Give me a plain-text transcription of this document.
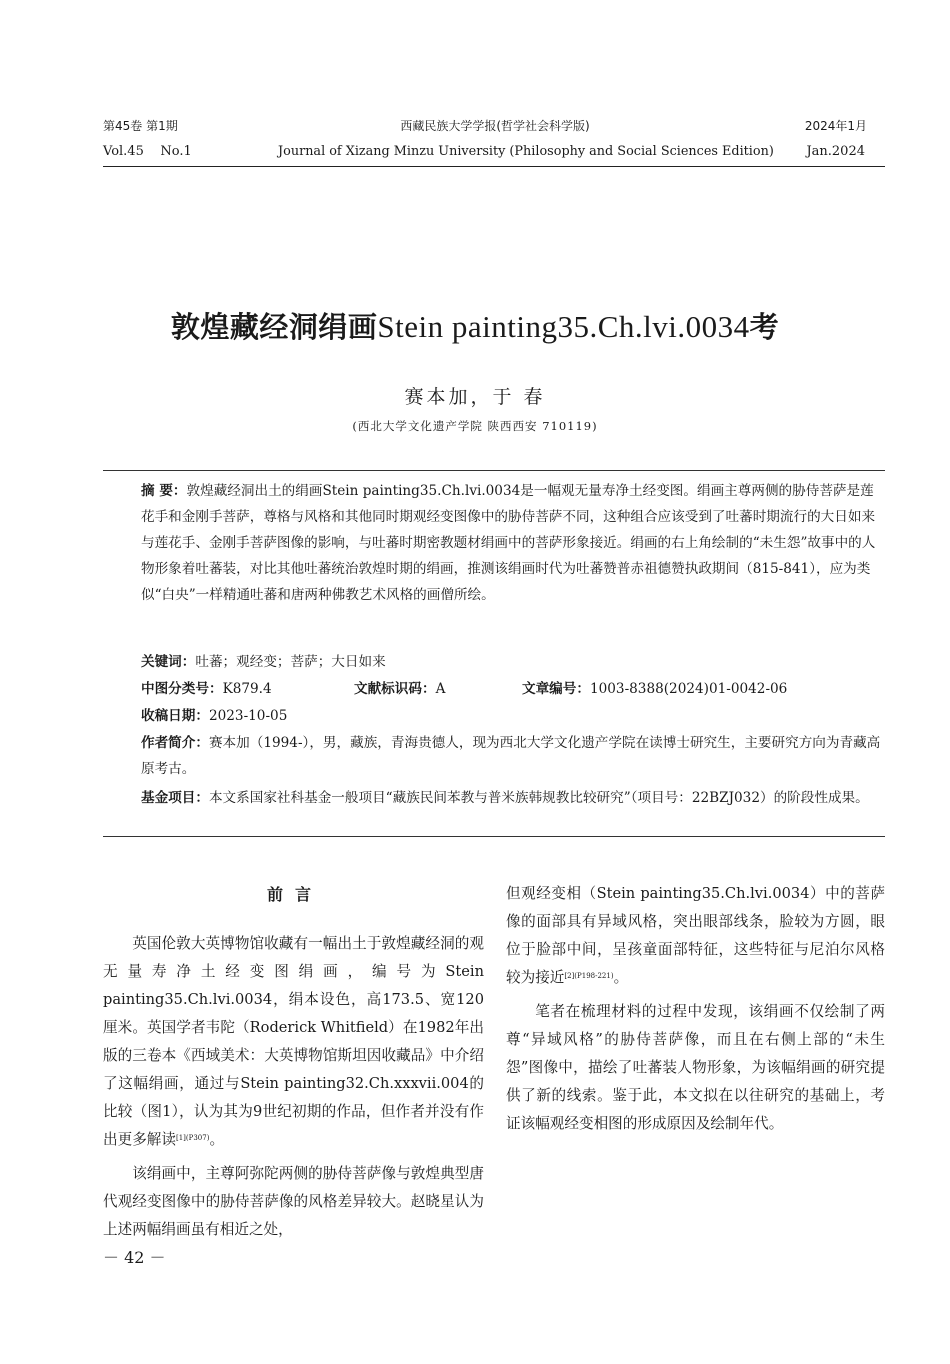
第45卷 第1期	西藏民族大学学报(哲学社会科学版)	2024年1月
Vol.45    No.1	Journal of Xizang Minzu University (Philosophy and Social Sciences Edition)	Jan.2024
敦煌藏经洞绢画Stein painting35.Ch.lvi.0034考
赛本加，于 春
(西北大学文化遗产学院 陕西西安 710119)
摘 要：敦煌藏经洞出土的绢画Stein painting35.Ch.lvi.0034是一幅观无量寿净土经变图。绢画主尊两侧的胁侍菩萨是莲花手和金刚手菩萨，尊格与风格和其他同时期观经变图像中的胁侍菩萨不同，这种组合应该受到了吐蕃时期流行的大日如来与莲花手、金刚手菩萨图像的影响，与吐蕃时期密教题材绢画中的菩萨形象接近。绢画的右上角绘制的“未生怨”故事中的人物形象着吐蕃装，对比其他吐蕃统治敦煌时期的绢画，推测该绢画时代为吐蕃赞普赤祖德赞执政期间（815-841），应为类似“白央”一样精通吐蕃和唐两种佛教艺术风格的画僧所绘。
关键词：吐蕃；观经变；菩萨；大日如来
中图分类号：K879.4	文献标识码：A	文章编号：1003-8388(2024)01-0042-06
收稿日期：2023-10-05
作者简介：赛本加（1994-），男，藏族，青海贵德人，现为西北大学文化遗产学院在读博士研究生，主要研究方向为青藏高原考古。
基金项目：本文系国家社科基金一般项目“藏族民间苯教与普米族韩规教比较研究”（项目号：22BZJ032）的阶段性成果。
前言

英国伦敦大英博物馆收藏有一幅出土于敦煌藏经洞的观无量寿净土经变图绢画，编号为Stein painting35.Ch.lvi.0034，绢本设色，高173.5、宽120厘米。英国学者韦陀（Roderick Whitfield）在1982年出版的三卷本《西域美术：大英博物馆斯坦因收藏品》中介绍了这幅绢画，通过与Stein painting32.Ch.xxxvii.004的比较（图1），认为其为9世纪初期的作品，但作者并没有作出更多解读$^{[1](P307)}$。

该绢画中，主尊阿弥陀两侧的胁侍菩萨像与敦煌典型唐代观经变图像中的胁侍菩萨像的风格差异较大。赵晓星认为上述两幅绢画虽有相近之处，

但观经变相（Stein painting35.Ch.lvi.0034）中的菩萨像的面部具有异域风格，突出眼部线条，脸较为方圆，眼位于脸部中间，呈孩童面部特征，这些特征与尼泊尔风格较为接近$^{[2](P198-221)}$。

笔者在梳理材料的过程中发现，该绢画不仅绘制了两尊“异域风格”的胁侍菩萨像，而且在右侧上部的“未生怨”图像中，描绘了吐蕃装人物形象，为该幅绢画的研究提供了新的线索。鉴于此，本文拟在以往研究的基础上，考证该幅观经变相图的形成原因及绘制年代。

－ 42 －
